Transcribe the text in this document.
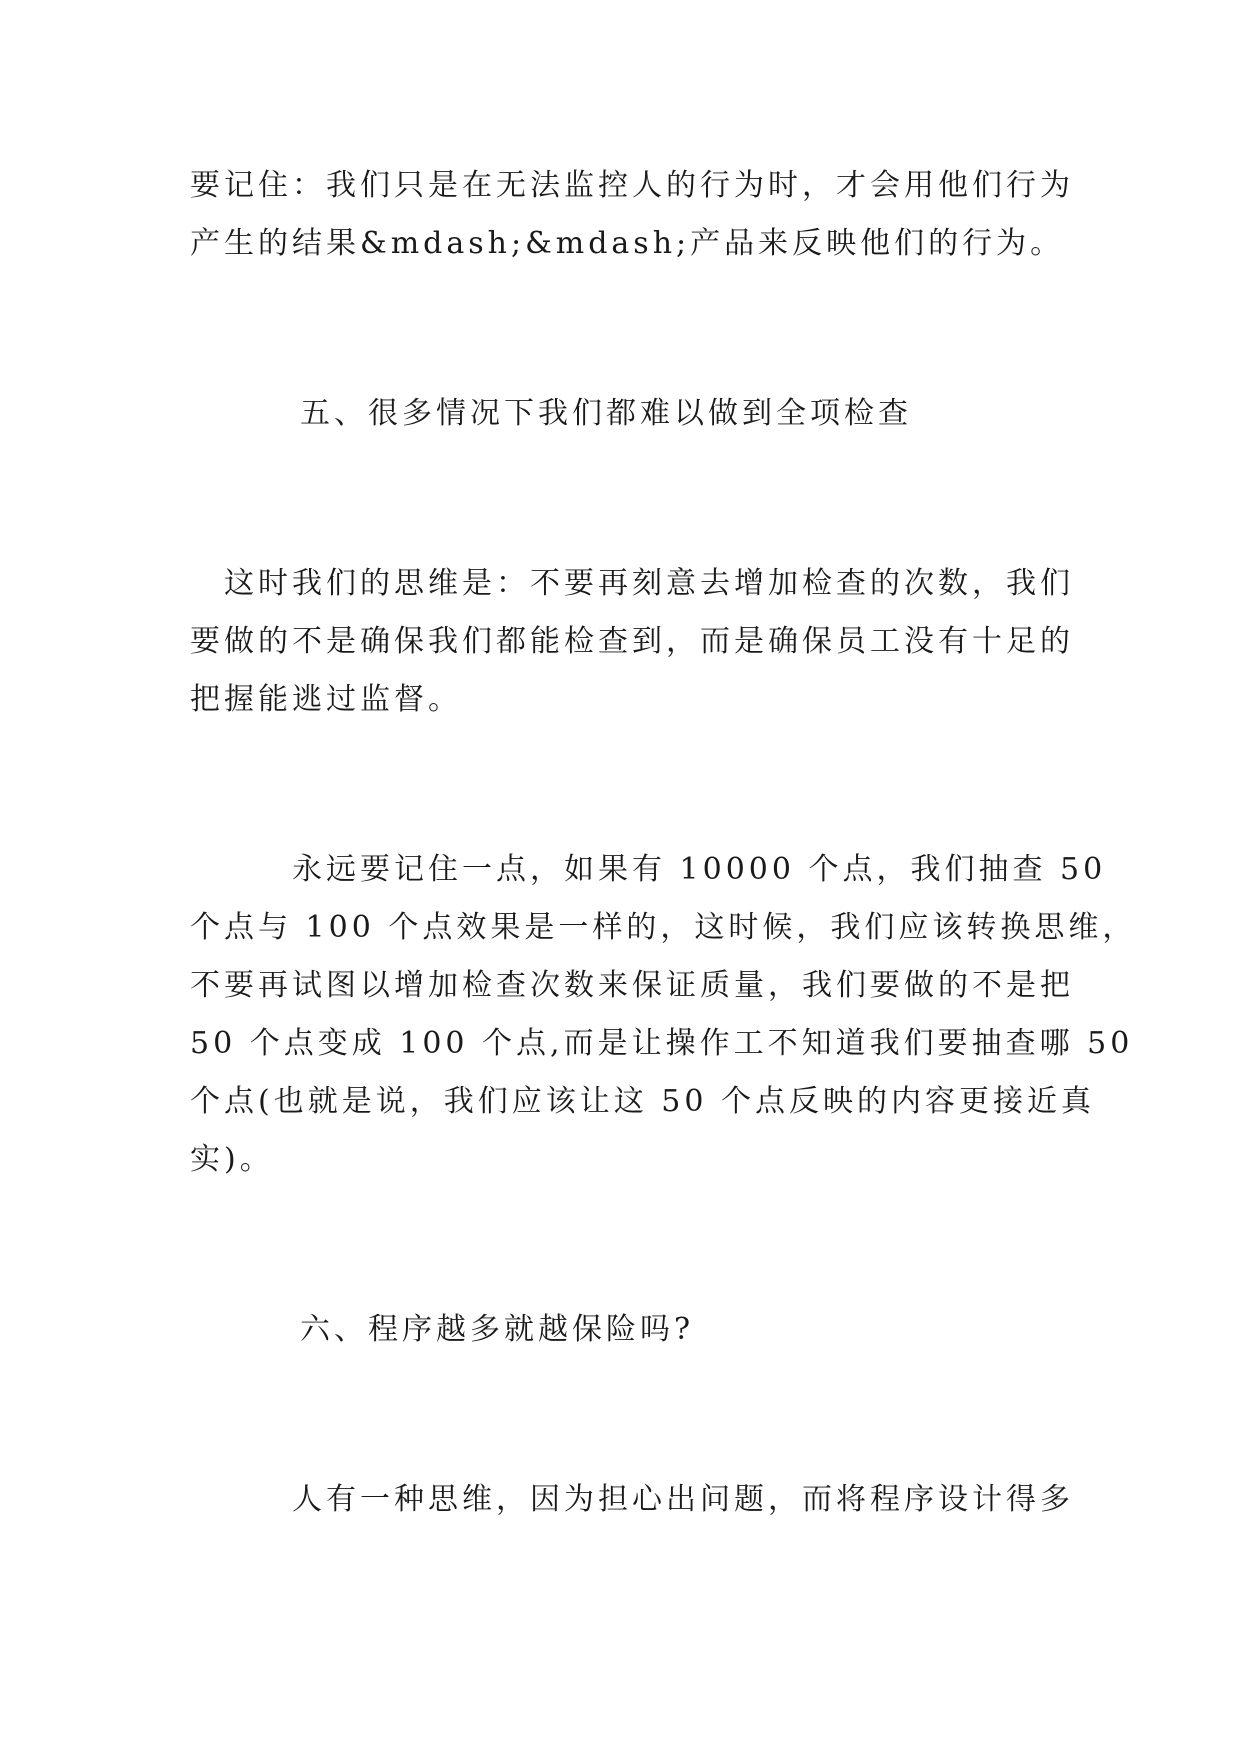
要记住：我们只是在无法监控人的行为时，才会用他们行为
产生的结果&mdash;&mdash;产品来反映他们的行为。
五、很多情况下我们都难以做到全项检查
　这时我们的思维是：不要再刻意去增加检查的次数，我们
要做的不是确保我们都能检查到，而是确保员工没有十足的
把握能逃过监督。
　　　永远要记住一点，如果有 10000 个点，我们抽查 50
个点与 100 个点效果是一样的，这时候，我们应该转换思维，
不要再试图以增加检查次数来保证质量，我们要做的不是把
50 个点变成 100 个点,而是让操作工不知道我们要抽查哪 50
个点(也就是说，我们应该让这 50 个点反映的内容更接近真
实)。
六、程序越多就越保险吗?
　　　人有一种思维，因为担心出问题，而将程序设计得多
